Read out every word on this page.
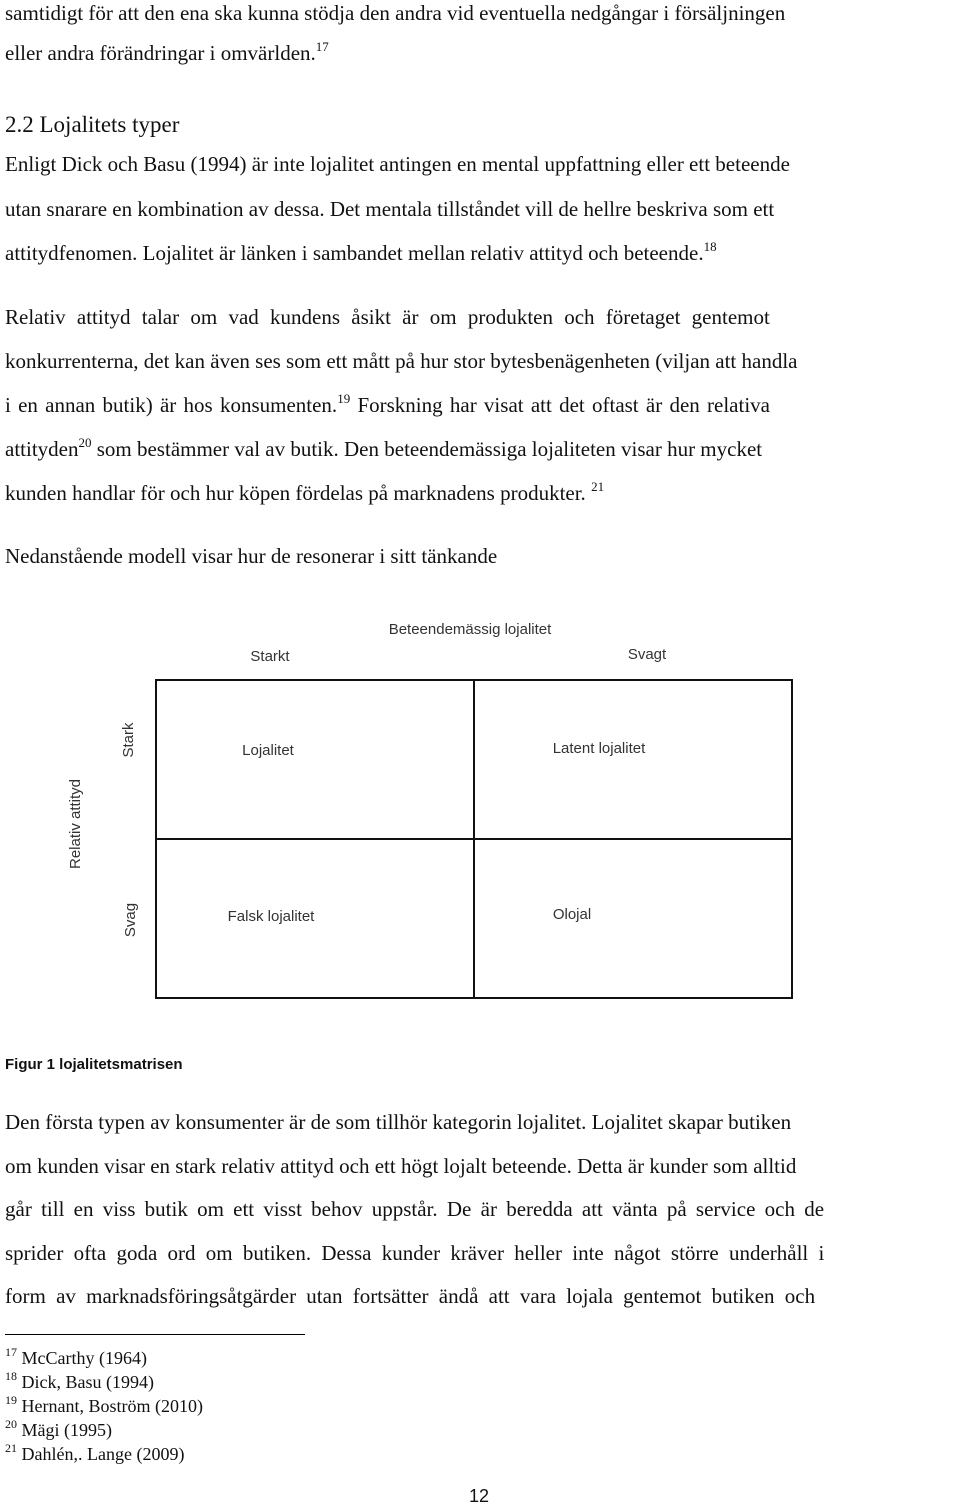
samtidigt för att den ena ska kunna stödja den andra vid eventuella nedgångar i försäljningen
eller andra förändringar i omvärlden.$^{17}$
2.2 Lojalitets typer
Enligt Dick och Basu (1994) är inte lojalitet antingen en mental uppfattning eller ett beteende
utan snarare en kombination av dessa. Det mentala tillståndet vill de hellre beskriva som ett
attitydfenomen. Lojalitet är länken i sambandet mellan relativ attityd och beteende.$^{18}$
Relativ attityd talar om vad kundens åsikt är om produkten och företaget gentemot
konkurrenterna, det kan även ses som ett mått på hur stor bytesbenägenheten (viljan att handla
i en annan butik) är hos konsumenten.$^{19}$ Forskning har visat att det oftast är den relativa
attityden$^{20}$ som bestämmer val av butik. Den beteendemässiga lojaliteten visar hur mycket
kunden handlar för och hur köpen fördelas på marknadens produkter. $^{21}$
Nedanstående modell visar hur de resonerar i sitt tänkande
Beteendemässig lojalitet
Starkt	Svagt
Relativ attityd
Stark
Svag
Lojalitet	Latent lojalitet
Falsk lojalitet	Olojal
Figur 1 lojalitetsmatrisen
Den första typen av konsumenter är de som tillhör kategorin lojalitet. Lojalitet skapar butiken
om kunden visar en stark relativ attityd och ett högt lojalt beteende. Detta är kunder som alltid
går till en viss butik om ett visst behov uppstår. De är beredda att vänta på service och de
sprider ofta goda ord om butiken. Dessa kunder kräver heller inte något större underhåll i
form av marknadsföringsåtgärder utan fortsätter ändå att vara lojala gentemot butiken och
$^{17}$ McCarthy (1964)
$^{18}$ Dick, Basu (1994)
$^{19}$ Hernant, Boström (2010)
$^{20}$ Mägi (1995)
$^{21}$ Dahlén,. Lange (2009)
12
